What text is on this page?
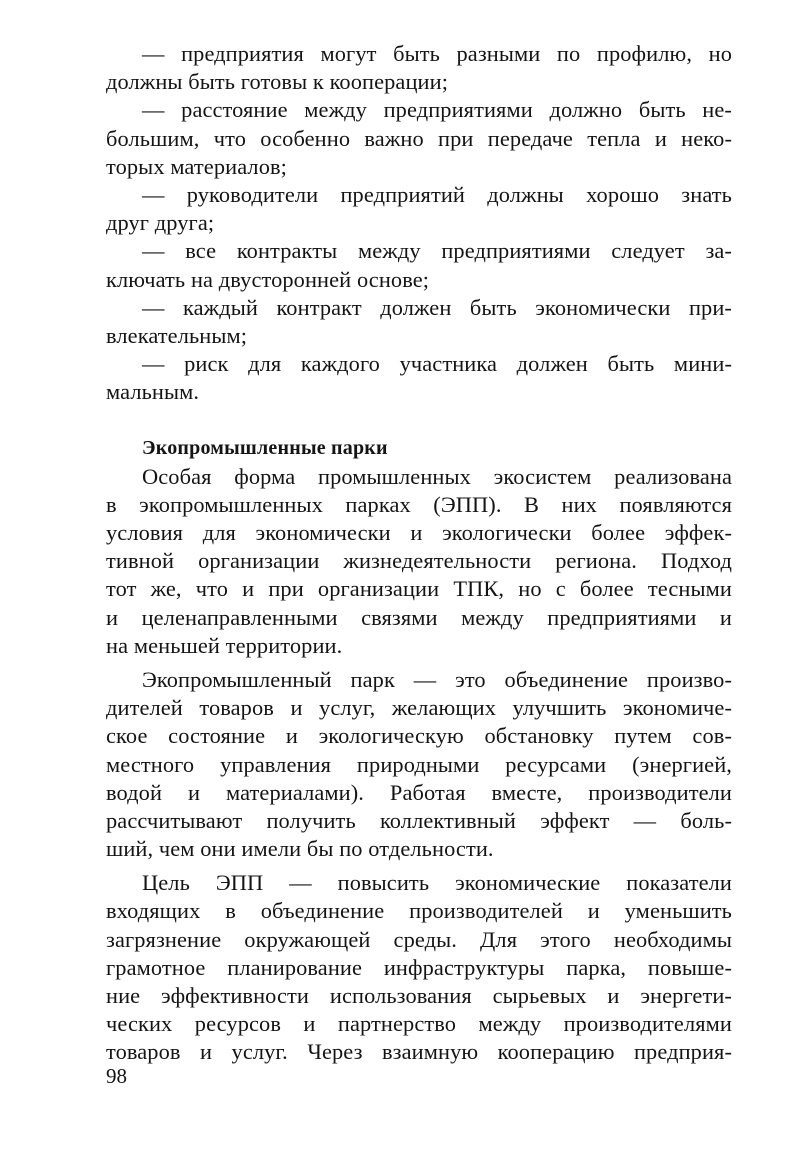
— предприятия могут быть разными по профилю, но
должны быть готовы к кооперации;
— расстояние между предприятиями должно быть не-
большим, что особенно важно при передаче тепла и неко-
торых материалов;
— руководители предприятий должны хорошо знать
друг друга;
— все контракты между предприятиями следует за-
ключать на двусторонней основе;
— каждый контракт должен быть экономически при-
влекательным;
— риск для каждого участника должен быть мини-
мальным.
Экопромышленные парки
Особая форма промышленных экосистем реализована
в экопромышленных парках (ЭПП). В них появляются
условия для экономически и экологически более эффек-
тивной организации жизнедеятельности региона. Подход
тот же, что и при организации ТПК, но с более тесными
и целенаправленными связями между предприятиями и
на меньшей территории.
Экопромышленный парк — это объединение произво-
дителей товаров и услуг, желающих улучшить экономиче-
ское состояние и экологическую обстановку путем сов-
местного управления природными ресурсами (энергией,
водой и материалами). Работая вместе, производители
рассчитывают получить коллективный эффект — боль-
ший, чем они имели бы по отдельности.
Цель ЭПП — повысить экономические показатели
входящих в объединение производителей и уменьшить
загрязнение окружающей среды. Для этого необходимы
грамотное планирование инфраструктуры парка, повыше-
ние эффективности использования сырьевых и энергети-
ческих ресурсов и партнерство между производителями
товаров и услуг. Через взаимную кооперацию предприя-
98
